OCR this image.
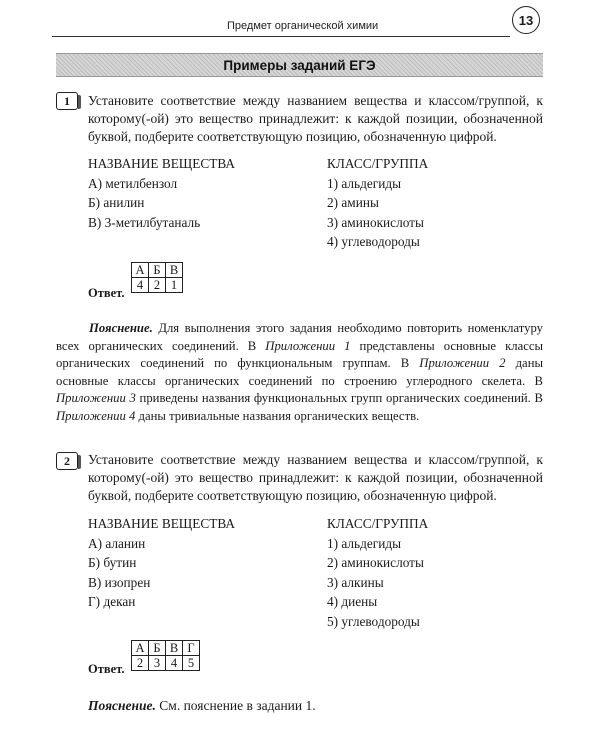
Предмет органической химии	13
Примеры заданий ЕГЭ
1	Установите соответствие между названием вещества и классом/группой, к которому(-ой) это вещество принадлежит: к каждой позиции, обозначенной буквой, подберите соответствующую позицию, обозначенную цифрой.
НАЗВАНИЕ ВЕЩЕСТВА
А) метилбензол
Б) анилин
В) 3-метилбутаналь
КЛАСС/ГРУППА
1) альдегиды
2) амины
3) аминокислоты
4) углеводороды
Ответ.
А	Б	В
4	2	1
Пояснение. Для выполнения этого задания необходимо повторить номенклатуру всех органических соединений. В Приложении 1 представлены основные классы органических соединений по функциональным группам. В Приложении 2 даны основные классы органических соединений по строению углеродного скелета. В Приложении 3 приведены названия функциональных групп органических соединений. В Приложении 4 даны тривиальные названия органических веществ.
2	Установите соответствие между названием вещества и классом/группой, к которому(-ой) это вещество принадлежит: к каждой позиции, обозначенной буквой, подберите соответствующую позицию, обозначенную цифрой.
НАЗВАНИЕ ВЕЩЕСТВА
А) аланин
Б) бутин
В) изопрен
Г) декан
КЛАСС/ГРУППА
1) альдегиды
2) аминокислоты
3) алкины
4) диены
5) углеводороды
Ответ.
А	Б	В	Г
2	3	4	5
Пояснение. См. пояснение в задании 1.
